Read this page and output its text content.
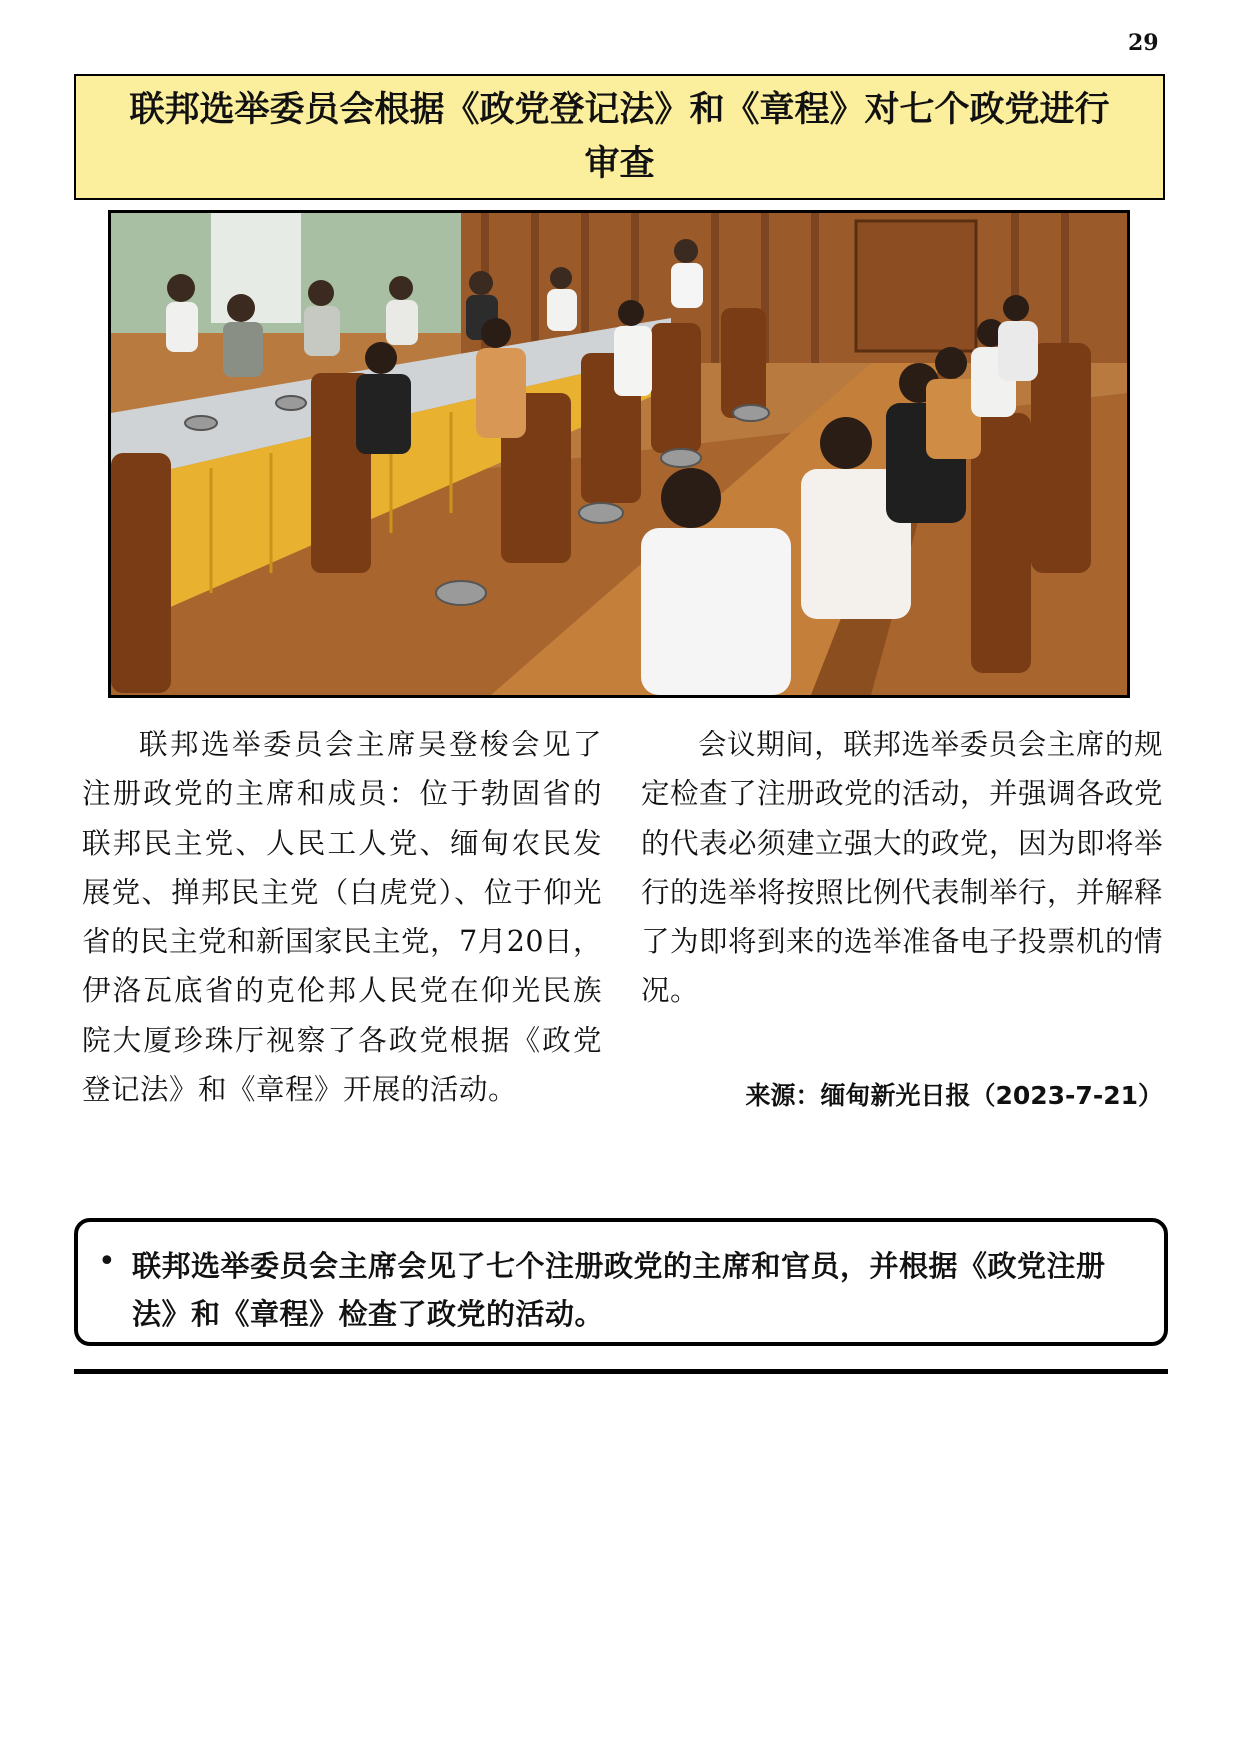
29
联邦选举委员会根据《政党登记法》和《章程》对七个政党进行
审查

联邦选举委员会主席吴登梭会见了注册政党的主席和成员：位于勃固省的联邦民主党、人民工人党、缅甸农民发展党、掸邦民主党（白虎党）、位于仰光省的民主党和新国家民主党，7月20日，伊洛瓦底省的克伦邦人民党在仰光民族院大厦珍珠厅视察了各政党根据《政党登记法》和《章程》开展的活动。

会议期间，联邦选举委员会主席的规定检查了注册政党的活动，并强调各政党的代表必须建立强大的政党，因为即将举行的选举将按照比例代表制举行，并解释了为即将到来的选举准备电子投票机的情况。

来源：缅甸新光日报（2023-7-21）
• 联邦选举委员会主席会见了七个注册政党的主席和官员，并根据《政党注册法》和《章程》检查了政党的活动。
